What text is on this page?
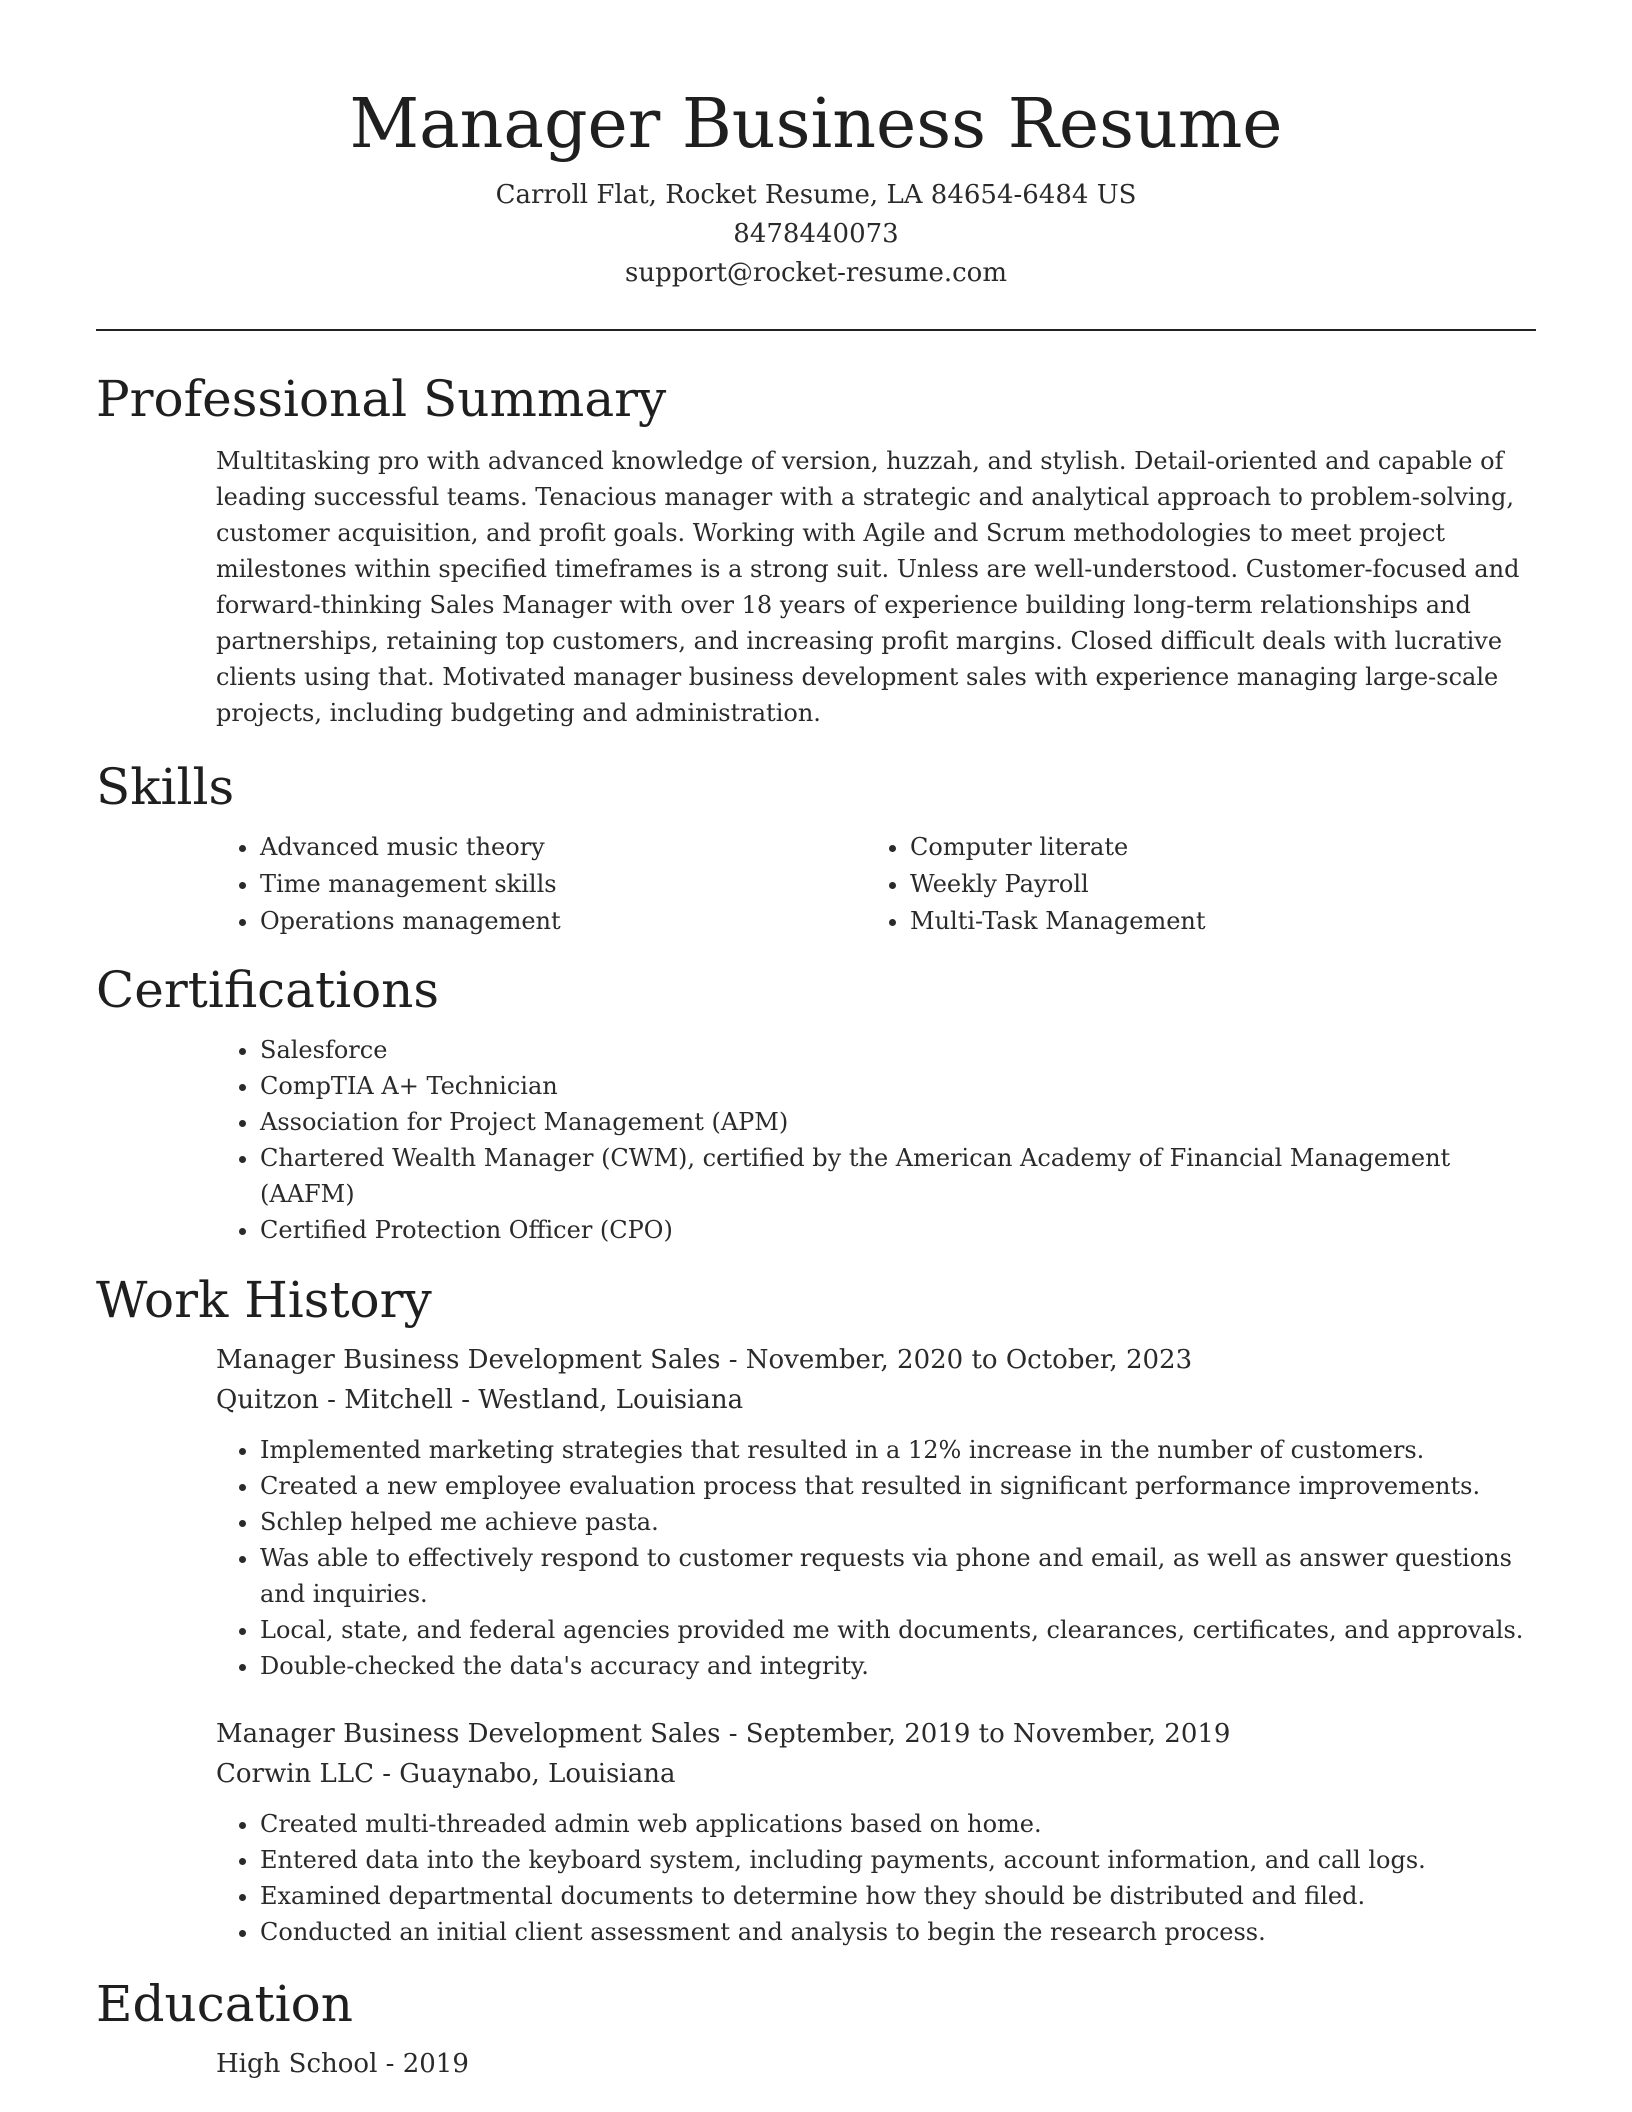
Manager Business Resume
Carroll Flat, Rocket Resume, LA 84654-6484 US
8478440073
support@rocket-resume.com
Professional Summary

Multitasking pro with advanced knowledge of version, huzzah, and stylish. Detail-oriented and capable of leading successful teams. Tenacious manager with a strategic and analytical approach to problem-solving, customer acquisition, and profit goals. Working with Agile and Scrum methodologies to meet project milestones within specified timeframes is a strong suit. Unless are well-understood. Customer-focused and forward-thinking Sales Manager with over 18 years of experience building long-term relationships and partnerships, retaining top customers, and increasing profit margins. Closed difficult deals with lucrative clients using that. Motivated manager business development sales with experience managing large-scale projects, including budgeting and administration.

Skills
• Advanced music theory
• Time management skills
• Operations management
• Computer literate
• Weekly Payroll
• Multi-Task Management
Certifications
• Salesforce
• CompTIA A+ Technician
• Association for Project Management (APM)
• Chartered Wealth Manager (CWM), certified by the American Academy of Financial Management (AAFM)
• Certified Protection Officer (CPO)
Work History
Manager Business Development Sales - November, 2020 to October, 2023
Quitzon - Mitchell - Westland, Louisiana
• Implemented marketing strategies that resulted in a 12% increase in the number of customers.
• Created a new employee evaluation process that resulted in significant performance improvements.
• Schlep helped me achieve pasta.
• Was able to effectively respond to customer requests via phone and email, as well as answer questions and inquiries.
• Local, state, and federal agencies provided me with documents, clearances, certificates, and approvals.
• Double-checked the data's accuracy and integrity.
Manager Business Development Sales - September, 2019 to November, 2019
Corwin LLC - Guaynabo, Louisiana
• Created multi-threaded admin web applications based on home.
• Entered data into the keyboard system, including payments, account information, and call logs.
• Examined departmental documents to determine how they should be distributed and filed.
• Conducted an initial client assessment and analysis to begin the research process.
Education
High School - 2019
